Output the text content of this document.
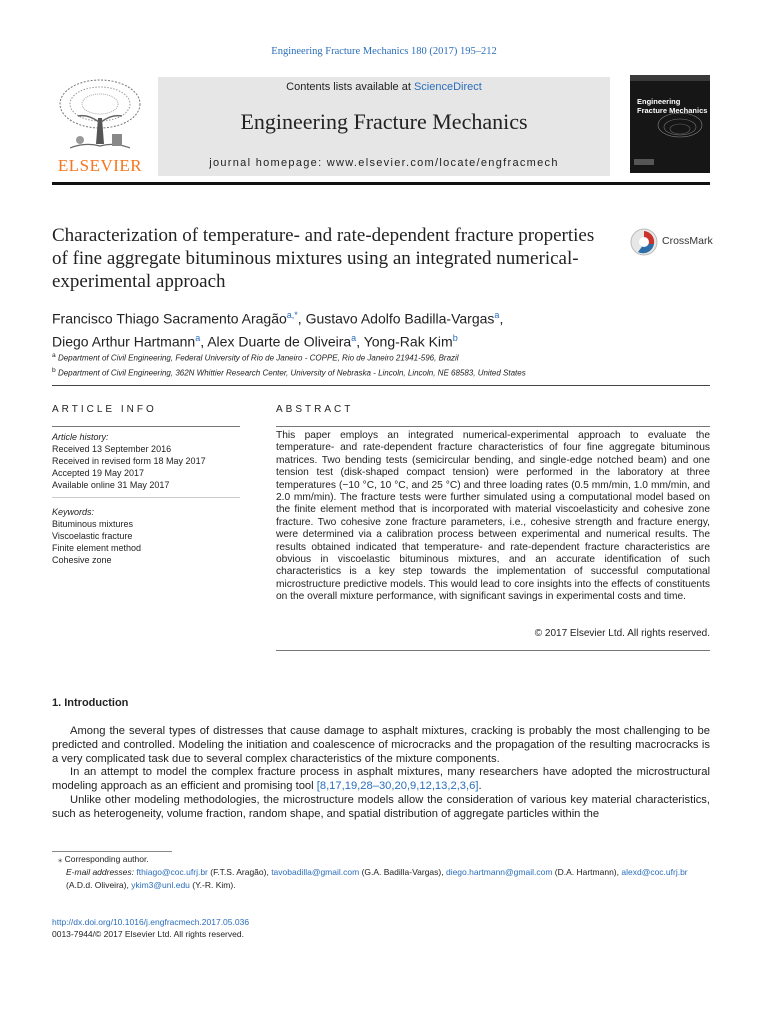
Engineering Fracture Mechanics 180 (2017) 195–212
ELSEVIER
Contents lists available at ScienceDirect
Engineering Fracture Mechanics
journal homepage: www.elsevier.com/locate/engfracmech
Engineering
Fracture Mechanics
Characterization of temperature- and rate-dependent fracture properties of fine aggregate bituminous mixtures using an integrated numerical-experimental approach
CrossMark
Francisco Thiago Sacramento Aragão$^{a,*}$, Gustavo Adolfo Badilla-Vargas$^a$,
Diego Arthur Hartmann$^a$, Alex Duarte de Oliveira$^a$, Yong-Rak Kim$^b$
$^a$ Department of Civil Engineering, Federal University of Rio de Janeiro - COPPE, Rio de Janeiro 21941-596, Brazil
$^b$ Department of Civil Engineering, 362N Whittier Research Center, University of Nebraska - Lincoln, Lincoln, NE 68583, United States
ARTICLE INFO	ABSTRACT
Article history:
Received 13 September 2016
Received in revised form 18 May 2017
Accepted 19 May 2017
Available online 31 May 2017
Keywords:
Bituminous mixtures
Viscoelastic fracture
Finite element method
Cohesive zone
This paper employs an integrated numerical-experimental approach to evaluate the temperature- and rate-dependent fracture characteristics of four fine aggregate bituminous matrices. Two bending tests (semicircular bending, and single-edge notched beam) and one tension test (disk-shaped compact tension) were performed in the laboratory at three temperatures (−10 °C, 10 °C, and 25 °C) and three loading rates (0.5 mm/min, 1.0 mm/min, and 2.0 mm/min). The fracture tests were further simulated using a computational model based on the finite element method that is incorporated with material viscoelasticity and cohesive zone fracture. Two cohesive zone fracture parameters, i.e., cohesive strength and fracture energy, were determined via a calibration process between experimental and numerical results. The results obtained indicated that temperature- and rate-dependent fracture characteristics are obvious in viscoelastic bituminous mixtures, and an accurate identification of such characteristics is a key step towards the implementation of successful computational microstructure predictive models. This would lead to core insights into the effects of constituents on the overall mixture performance, with significant savings in experimental costs and time.
© 2017 Elsevier Ltd. All rights reserved.
1. Introduction

Among the several types of distresses that cause damage to asphalt mixtures, cracking is probably the most challenging to be predicted and controlled. Modeling the initiation and coalescence of microcracks and the propagation of the resulting macrocracks is a very complicated task due to several complex characteristics of the mixture components.

In an attempt to model the complex fracture process in asphalt mixtures, many researchers have adopted the microstructural modeling approach as an efficient and promising tool [8,17,19,28–30,20,9,12,13,2,3,6].

Unlike other modeling methodologies, the microstructure models allow the consideration of various key material characteristics, such as heterogeneity, volume fraction, random shape, and spatial distribution of aggregate particles within the

⁎ Corresponding author.
E-mail addresses: fthiago@coc.ufrj.br (F.T.S. Aragão), tavobadilla@gmail.com (G.A. Badilla-Vargas), diego.hartmann@gmail.com (D.A. Hartmann), alexd@coc.ufrj.br (A.D.d. Oliveira), ykim3@unl.edu (Y.-R. Kim).
http://dx.doi.org/10.1016/j.engfracmech.2017.05.036
0013-7944/© 2017 Elsevier Ltd. All rights reserved.
